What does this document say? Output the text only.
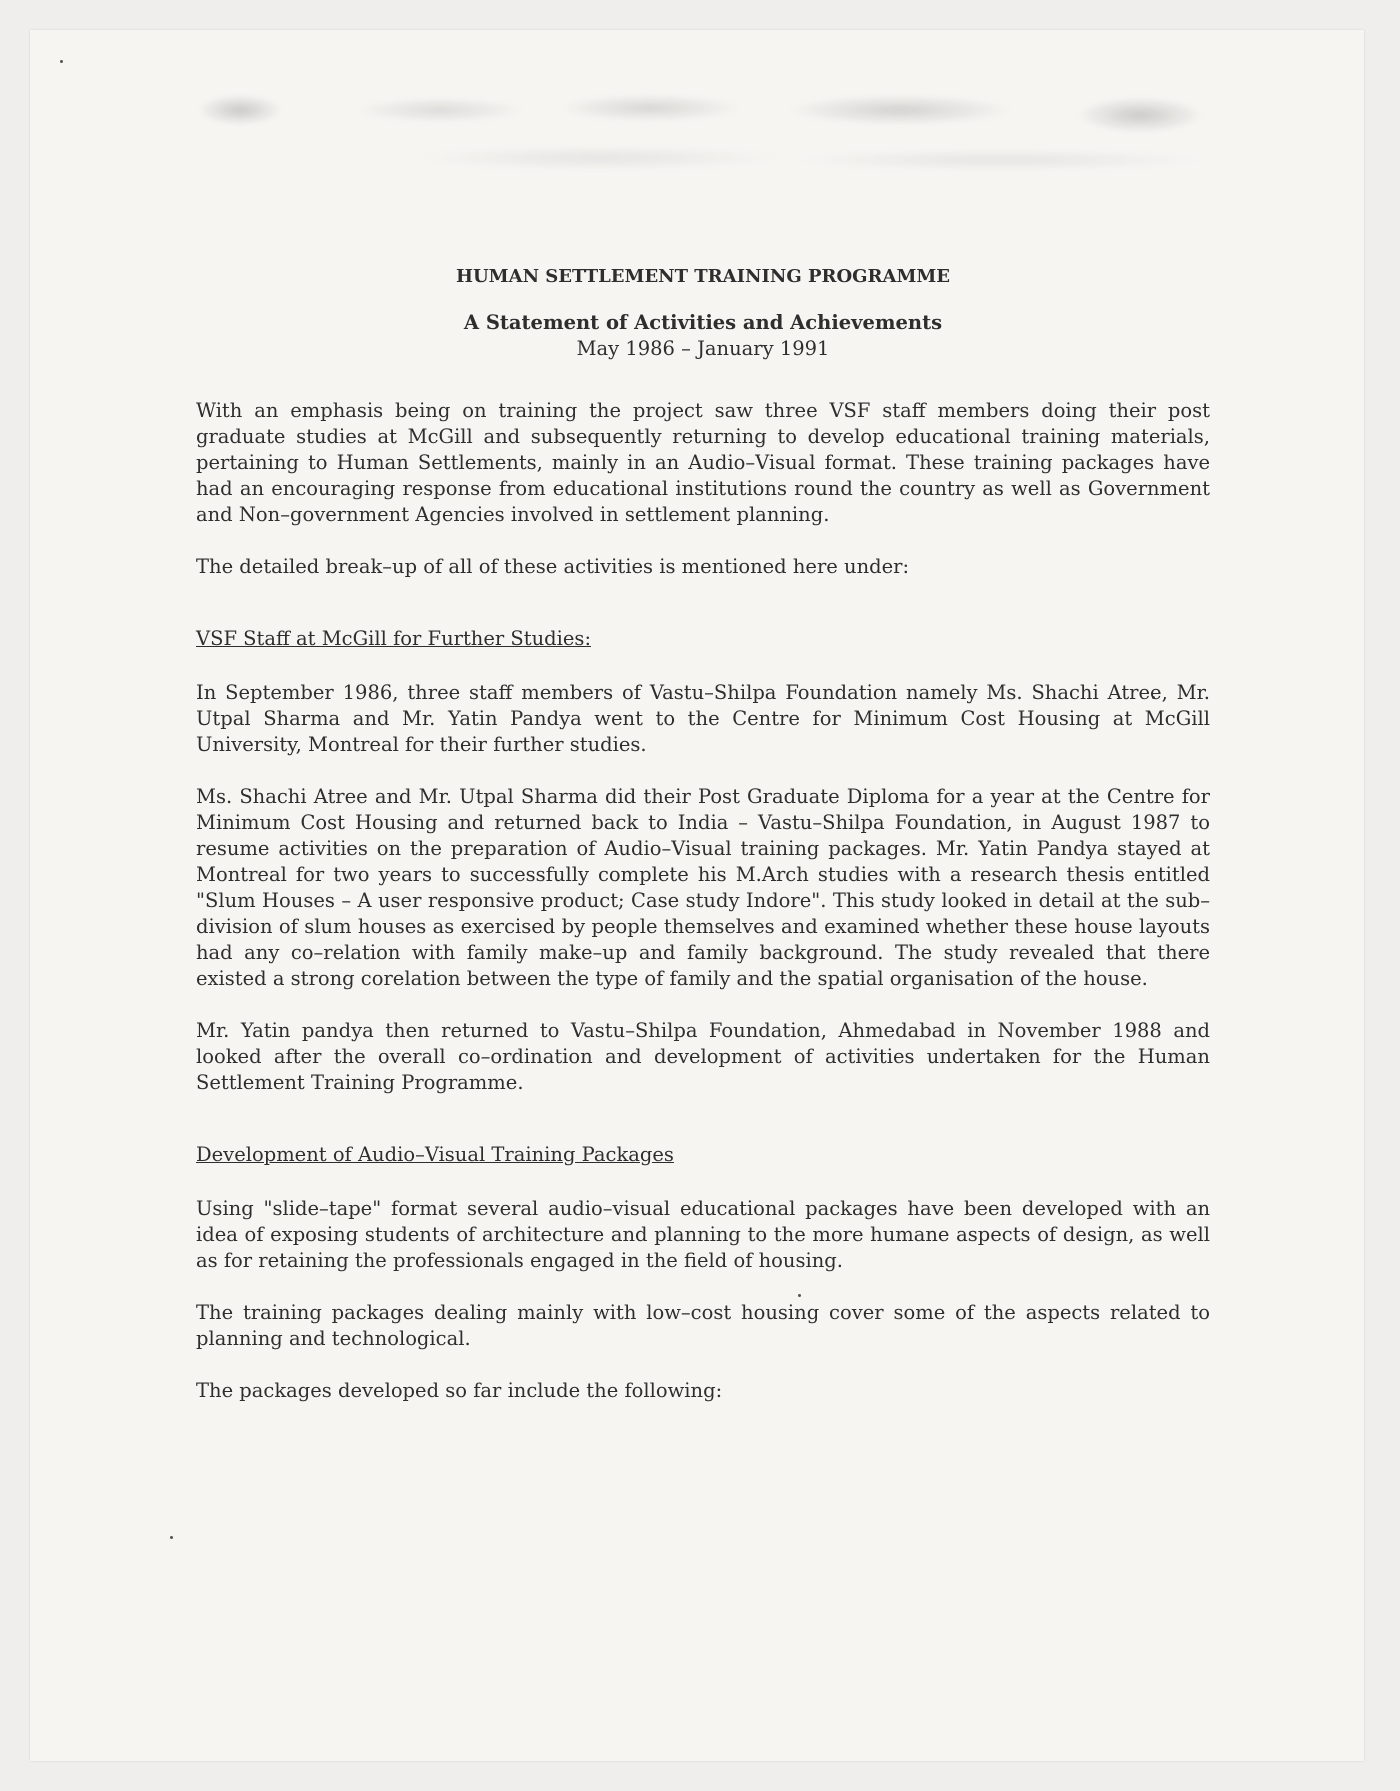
HUMAN SETTLEMENT TRAINING PROGRAMME
A Statement of Activities and Achievements
May 1986 – January 1991

With an emphasis being on training the project saw three VSF staff members doing their post graduate studies at McGill and subsequently returning to develop educational training materials, pertaining to Human Settlements, mainly in an Audio–Visual format. These training packages have had an encouraging response from educational institutions round the country as well as Government and Non–government Agencies involved in settlement planning.

The detailed break–up of all of these activities is mentioned here under:

VSF Staff at McGill for Further Studies:

In September 1986, three staff members of Vastu–Shilpa Foundation namely Ms. Shachi Atree, Mr. Utpal Sharma and Mr. Yatin Pandya went to the Centre for Minimum Cost Housing at McGill University, Montreal for their further studies.

Ms. Shachi Atree and Mr. Utpal Sharma did their Post Graduate Diploma for a year at the Centre for Minimum Cost Housing and returned back to India – Vastu–Shilpa Foundation, in August 1987 to resume activities on the preparation of Audio–Visual training packages. Mr. Yatin Pandya stayed at Montreal for two years to successfully complete his M.Arch studies with a research thesis entitled "Slum Houses – A user responsive product; Case study Indore". This study looked in detail at the sub–division of slum houses as exercised by people themselves and examined whether these house layouts had any co–relation with family make–up and family background. The study revealed that there existed a strong corelation between the type of family and the spatial organisation of the house.

Mr. Yatin pandya then returned to Vastu–Shilpa Foundation, Ahmedabad in November 1988 and looked after the overall co–ordination and development of activities undertaken for the Human Settlement Training Programme.

Development of Audio–Visual Training Packages

Using "slide–tape" format several audio–visual educational packages have been developed with an idea of exposing students of architecture and planning to the more humane aspects of design, as well as for retaining the professionals engaged in the field of housing.

The training packages dealing mainly with low–cost housing cover some of the aspects related to planning and technological.

The packages developed so far include the following:
